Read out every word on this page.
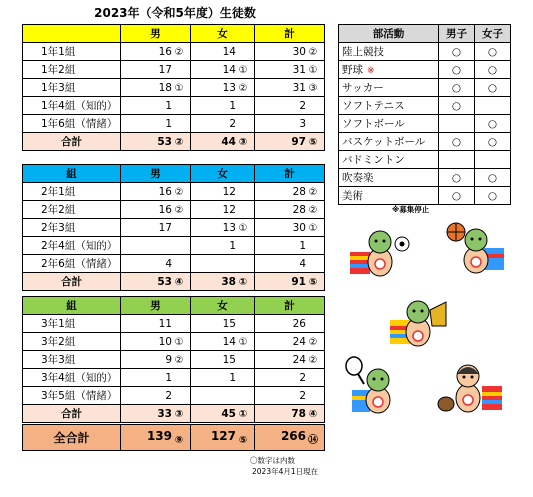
2023年（令和5年度）生徒数
	男	女	計
1年1組	16 ②	14	30 ②
1年2組	17	14 ①	31 ①
1年3組	18 ①	13 ②	31 ③
1年4組（知的）	1	1	2
1年6組（情緒）	1	2	3
合計	53 ②	44 ③	97 ⑤
組	男	女	計
2年1組	16 ②	12	28 ②
2年2組	16 ②	12	28 ②
2年3組	17	13 ①	30 ①
2年4組（知的）		1	1
2年6組（情緒）	4		4
合計	53 ④	38 ①	91 ⑤
組	男	女	計
3年1組	11	15	26
3年2組	10 ①	14 ①	24 ②
3年3組	9 ②	15	24 ②
3年4組（知的）	1	1	2
3年5組（情緒）	2		2
合計	33 ③	45 ①	78 ④
全合計	139 ⑨	127 ⑤	266 ⑭
部活動	男子	女子
陸上競技	○	○
野球 ※	○	○
サッカー	○	○
ソフトテニス	○	
ソフトボール		○
バスケットボール	○	○
バドミントン		
吹奏楽	○	○
美術	○	○
※募集停止
〇数字は内数
2023年4月1日現在
